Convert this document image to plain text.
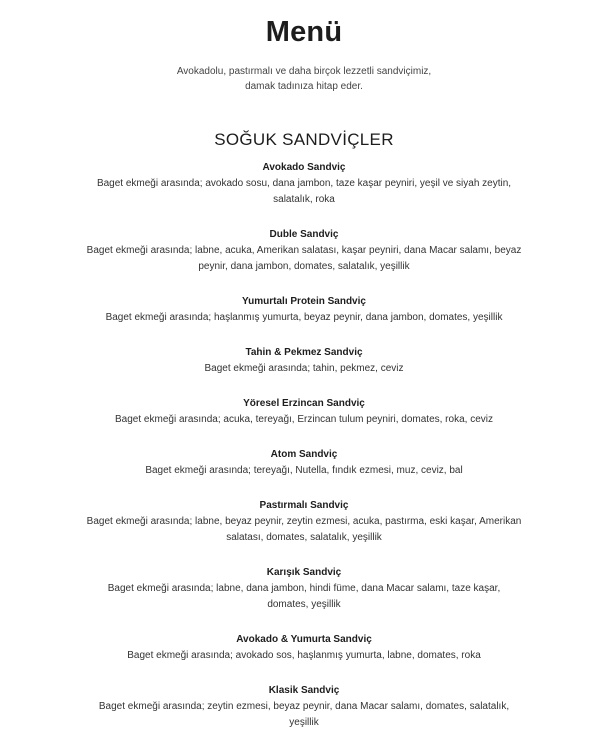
Menü

Avokadolu, pastırmalı ve daha birçok lezzetli sandviçimiz, damak tadınıza hitap eder.

SOĞUK SANDVİÇLER
Avokado Sandviç
Baget ekmeği arasında; avokado sosu, dana jambon, taze kaşar peyniri, yeşil ve siyah zeytin, salatalık, roka
Duble Sandviç
Baget ekmeği arasında; labne, acuka, Amerikan salatası, kaşar peyniri, dana Macar salamı, beyaz peynir, dana jambon, domates, salatalık, yeşillik
Yumurtalı Protein Sandviç
Baget ekmeği arasında; haşlanmış yumurta, beyaz peynir, dana jambon, domates, yeşillik
Tahin & Pekmez Sandviç
Baget ekmeği arasında; tahin, pekmez, ceviz
Yöresel Erzincan Sandviç
Baget ekmeği arasında; acuka, tereyağı, Erzincan tulum peyniri, domates, roka, ceviz
Atom Sandviç
Baget ekmeği arasında; tereyağı, Nutella, fındık ezmesi, muz, ceviz, bal
Pastırmalı Sandviç
Baget ekmeği arasında; labne, beyaz peynir, zeytin ezmesi, acuka, pastırma, eski kaşar, Amerikan salatası, domates, salatalık, yeşillik
Karışık Sandviç
Baget ekmeği arasında; labne, dana jambon, hindi füme, dana Macar salamı, taze kaşar, domates, yeşillik
Avokado & Yumurta Sandviç
Baget ekmeği arasında; avokado sos, haşlanmış yumurta, labne, domates, roka
Klasik Sandviç
Baget ekmeği arasında; zeytin ezmesi, beyaz peynir, dana Macar salamı, domates, salatalık, yeşillik
